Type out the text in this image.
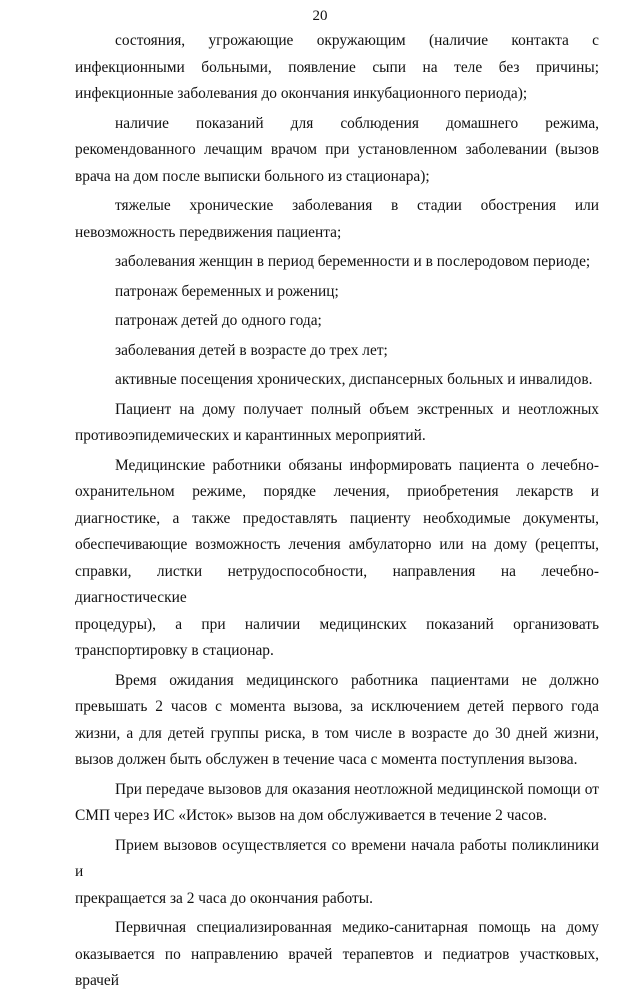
20
состояния, угрожающие окружающим (наличие контакта с
инфекционными больными, появление сыпи на теле без причины;
инфекционные заболевания до окончания инкубационного периода);
наличие показаний для соблюдения домашнего режима,
рекомендованного лечащим врачом при установленном заболевании (вызов
врача на дом после выписки больного из стационара);
тяжелые хронические заболевания в стадии обострения или
невозможность передвижения пациента;
заболевания женщин в период беременности и в послеродовом периоде;
патронаж беременных и рожениц;
патронаж детей до одного года;
заболевания детей в возрасте до трех лет;
активные посещения хронических, диспансерных больных и инвалидов.
Пациент на дому получает полный объем экстренных и неотложных
противоэпидемических и карантинных мероприятий.
Медицинские работники обязаны информировать пациента о лечебно-
охранительном режиме, порядке лечения, приобретения лекарств и
диагностике, а также предоставлять пациенту необходимые документы,
обеспечивающие возможность лечения амбулаторно или на дому (рецепты,
справки, листки нетрудоспособности, направления на лечебно-диагностические
процедуры), а при наличии медицинских показаний организовать
транспортировку в стационар.
Время ожидания медицинского работника пациентами не должно
превышать 2 часов с момента вызова, за исключением детей первого года
жизни, а для детей группы риска, в том числе в возрасте до 30 дней жизни,
вызов должен быть обслужен в течение часа с момента поступления вызова.
При передаче вызовов для оказания неотложной медицинской помощи от
СМП через ИС «Исток» вызов на дом обслуживается в течение 2 часов.
Прием вызовов осуществляется со времени начала работы поликлиники и
прекращается за 2 часа до окончания работы.
Первичная специализированная медико-санитарная помощь на дому
оказывается по направлению врачей терапевтов и педиатров участковых, врачей
